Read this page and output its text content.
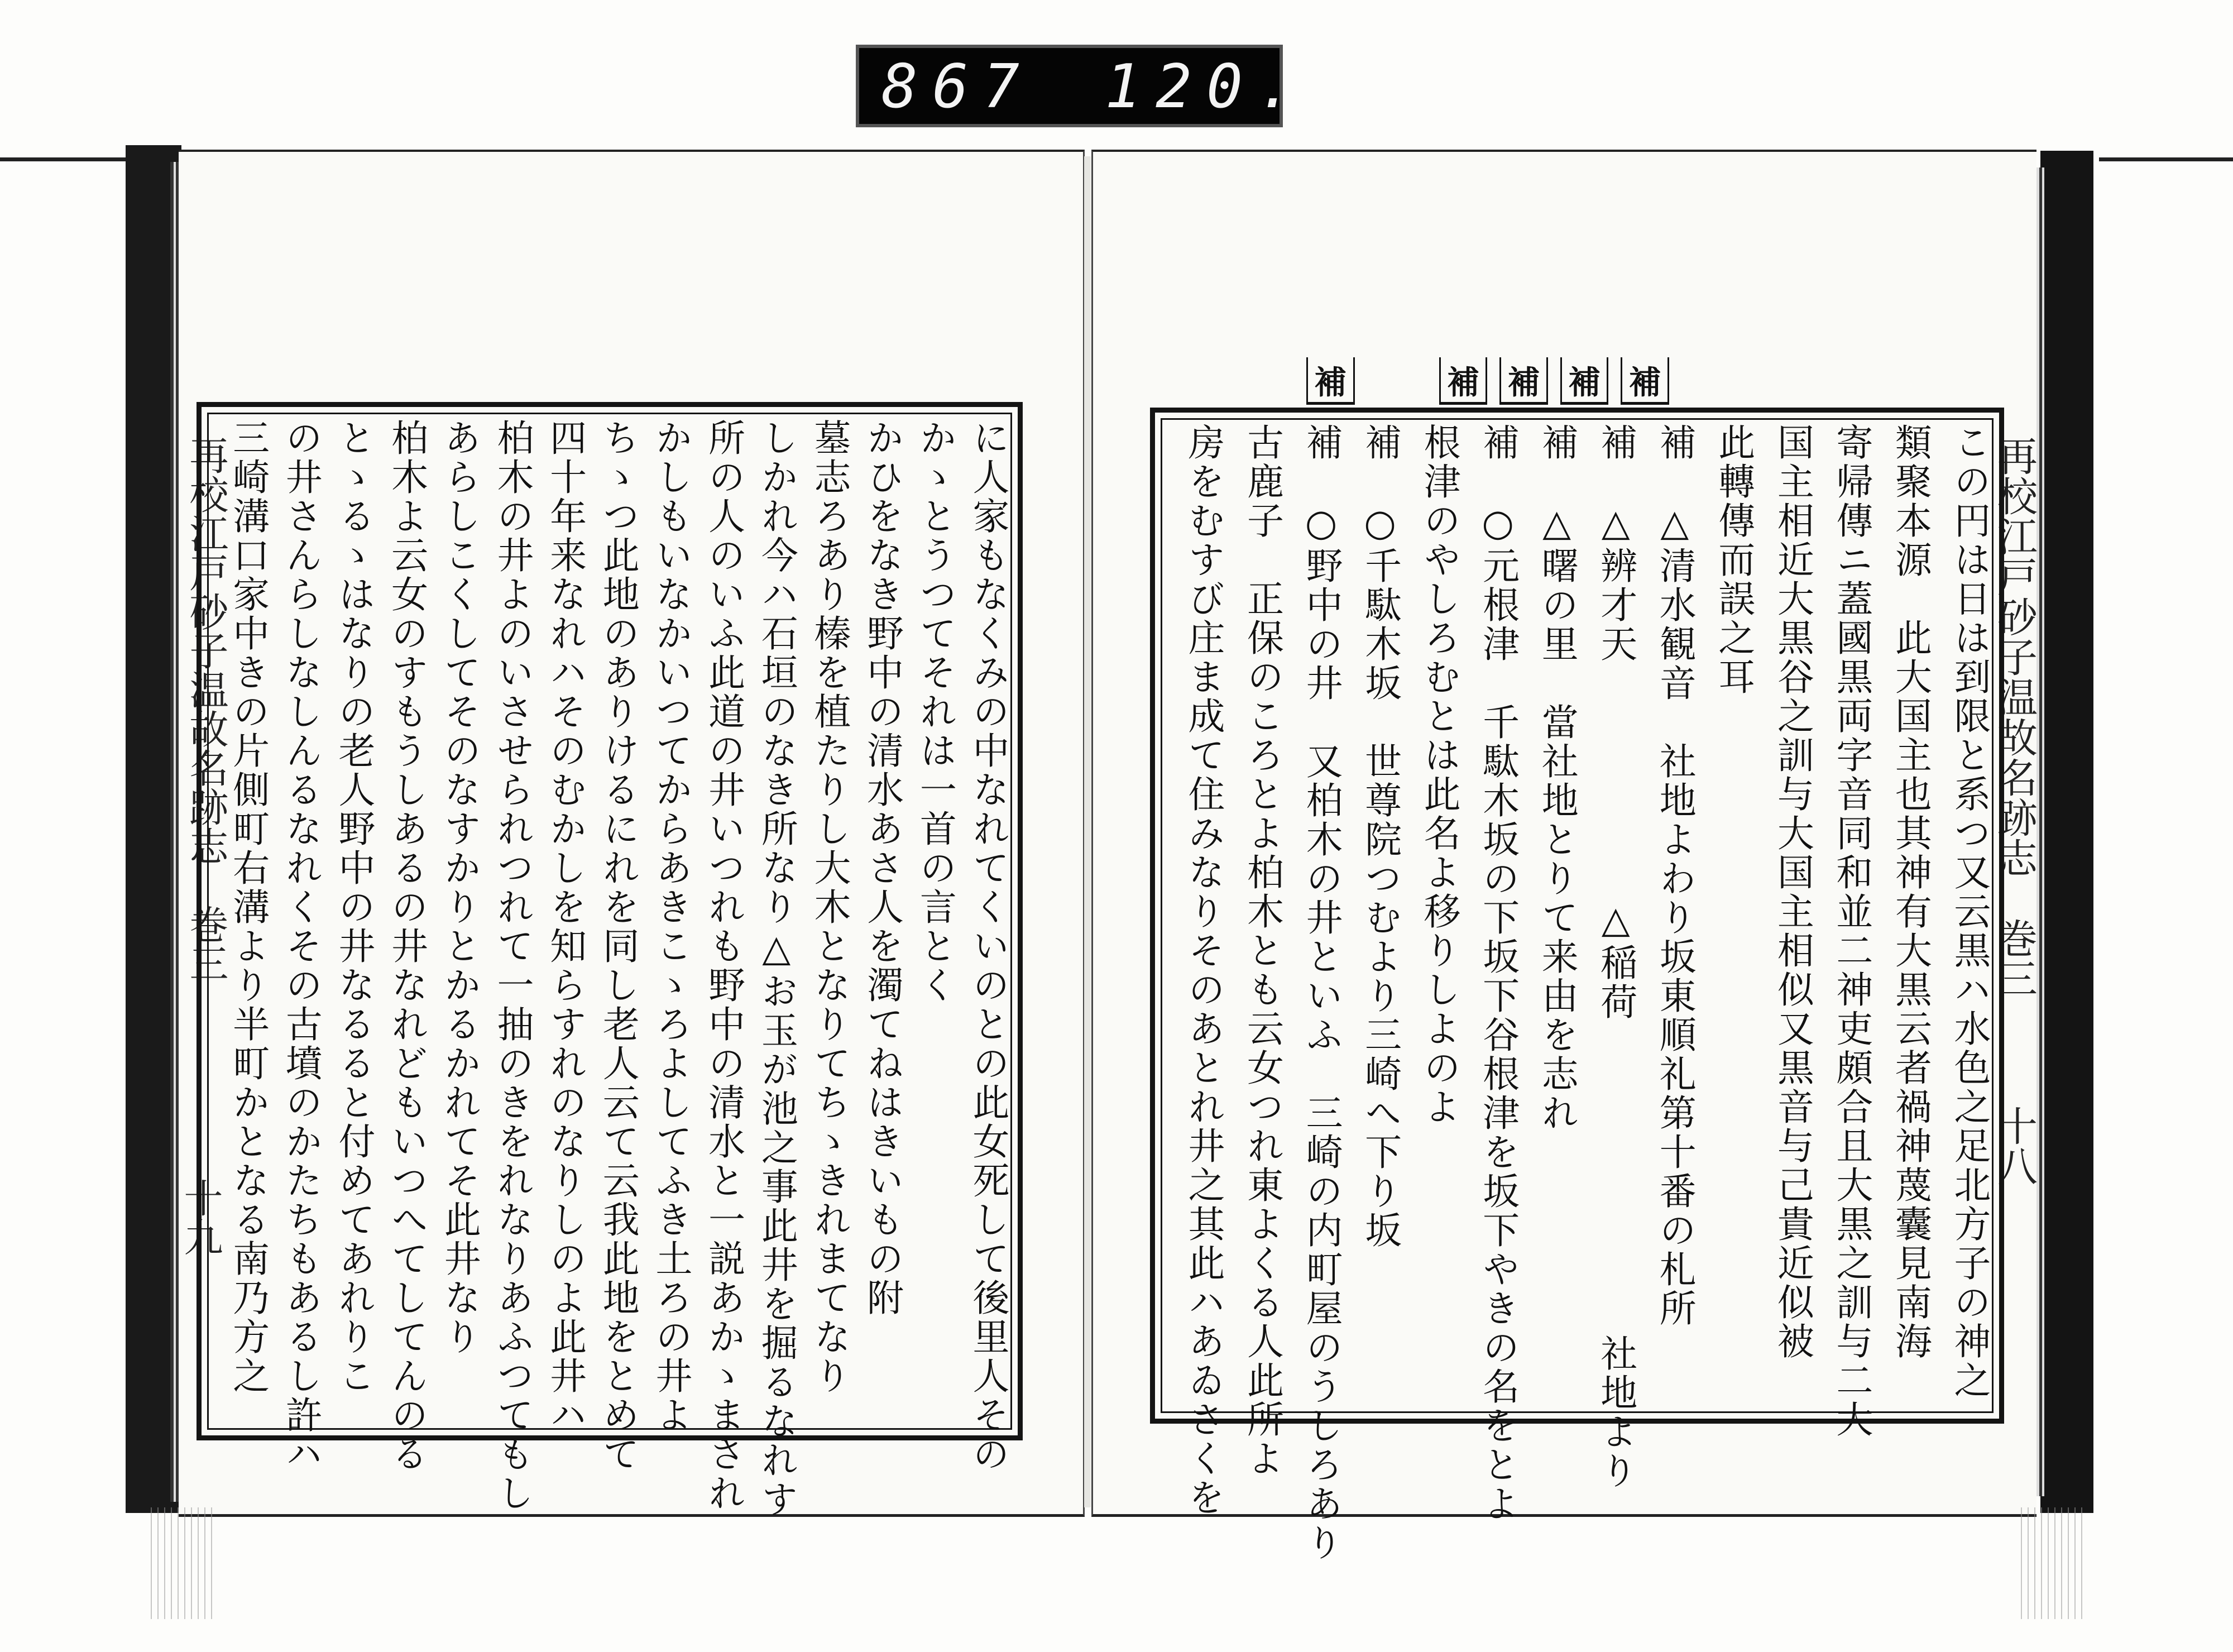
867 120.
再校江戸砂子温故名跡志　巻三
十九
再校江戸砂子温故名跡志　巻三
十八
補
補
補
補
補
に人家もなくみの中なれてくいのとの此女死して後里人その
かゝとうつてそれは一首の言とく
かひをなき野中の清水あさ人を濁てねはきいもの附
墓志ろあり榛を植たりし大木となりてちゝきれまてなり
しかれ今ハ石垣のなき所なり△お玉が池之事此井を掘るなれす
所の人のいふ此道の井いつれも野中の清水と一説あかゝまされ
かしもいなかいつてからあきこゝろよしてふき土ろの井よ
ちゝつ此地のありけるにれを同し老人云て云我此地をとめて
四十年来なれハそのむかしを知らすれのなりしのよ此井ハ
柏木の井よのいさせられつれて一抽のきをれなりあふつてもし
あらしこくしてそのなすかりとかるかれてそ此井なり
柏木よ云女のすもうしあるの井なれどもいつへてしてんのる
とゝるゝはなりの老人野中の井なるると付めてあれりこ
の井さんらしなしんるなれくその古墳のかたちもあるし許ハ
三崎溝口家中きの片側町右溝より半町かとなる南乃方之	この円は日は到限と系つ又云黒ハ水色之足北方子の神之
類聚本源　此大国主也其神有大黒云者禍神蔑囊見南海
寄帰傳ニ蓋國黒両字音同和並二神吏頗合且大黒之訓与二大
国主相近大黒谷之訓与大国主相似又黒音与己貴近似被
此轉傳而誤之耳
補　△清水観音　社地よわり坂東順礼第十番の札所
補　△辨才天　　　　　　△稲荷　　　　　　　　社地より
補　△曙の里　當社地とりて来由を志れ
補　○元根津　千駄木坂の下坂下谷根津を坂下やきの名をとよ
根津のやしろむとは此名よ移りしよのよ
補　○千駄木坂　世尊院つむより三崎へ下り坂
補　○野中の井　又柏木の井といふ　三崎の内町屋のうしろあり
古鹿子　正保のころとよ柏木とも云女つれ東よくる人此所よ
房をむすび庄ま成て住みなりそのあとれ井之其此ハあゐさくを
